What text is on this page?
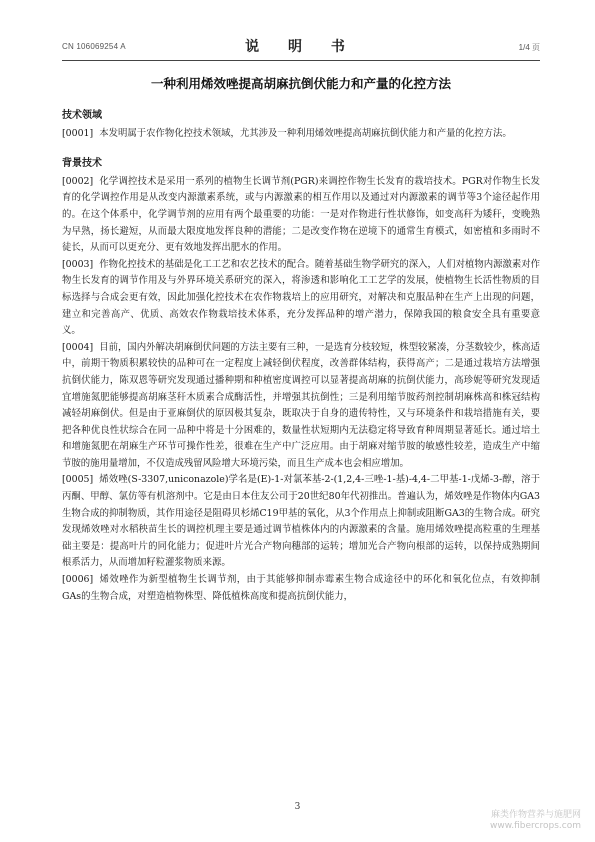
CN 106069254 A	说 明 书	1/4 页
一种利用烯效唑提高胡麻抗倒伏能力和产量的化控方法

技术领域

[0001] 本发明属于农作物化控技术领域，尤其涉及一种利用烯效唑提高胡麻抗倒伏能力和产量的化控方法。

背景技术

[0002] 化学调控技术是采用一系列的植物生长调节剂(PGR)来调控作物生长发育的栽培技术。PGR对作物生长发育的化学调控作用是从改变内源激素系统，或与内源激素的相互作用以及通过对内源激素的调节等3个途径起作用的。在这个体系中，化学调节剂的应用有两个最重要的功能：一是对作物进行性状修饰，如变高秆为矮秆，变晚熟为早熟，扬长避短，从而最大限度地发挥良种的潜能；二是改变作物在逆境下的通常生育模式，如密植和多雨时不徒长，从而可以更充分、更有效地发挥出肥水的作用。

[0003] 作物化控技术的基础是化工工艺和农艺技术的配合。随着基础生物学研究的深入，人们对植物内源激素对作物生长发育的调节作用及与外界环境关系研究的深入，将渗透和影响化工工艺学的发展，使植物生长活性物质的目标选择与合成会更有效，因此加强化控技术在农作物栽培上的应用研究，对解决和克服品种在生产上出现的问题，建立和完善高产、优质、高效农作物栽培技术体系，充分发挥品种的增产潜力，保障我国的粮食安全具有重要意义。

[0004] 目前，国内外解决胡麻倒伏问题的方法主要有三种，一是选育分枝较短，株型较紧凑，分茎数较少，株高适中，前期干物质积累较快的品种可在一定程度上减轻倒伏程度，改善群体结构，获得高产；二是通过栽培方法增强抗倒伏能力，陈双恩等研究发现通过播种期和种植密度调控可以显著提高胡麻的抗倒伏能力，高珍妮等研究发现适宜增施氮肥能够提高胡麻茎秆木质素合成酶活性，并增强其抗倒性；三是利用缩节胺药剂控制胡麻株高和株冠结构减轻胡麻倒伏。但是由于亚麻倒伏的原因极其复杂，既取决于自身的遗传特性，又与环境条件和栽培措施有关，要把各种优良性状综合在同一品种中将是十分困难的，数量性状短期内无法稳定将导致育种周期显著延长。通过培土和增施氮肥在胡麻生产环节可操作性差，很难在生产中广泛应用。由于胡麻对缩节胺的敏感性较差，造成生产中缩节胺的施用量增加，不仅造成残留风险增大环境污染，而且生产成本也会相应增加。

[0005] 烯效唑(S-3307,uniconazole)学名是(E)-1-对氯苯基-2-(1,2,4-三唑-1-基)-4,4-二甲基-1-戊烯-3-醇，溶于丙酮、甲醇、氯仿等有机溶剂中。它是由日本住友公司于20世纪80年代初推出。普遍认为，烯效唑是作物体内GA3生物合成的抑制物质，其作用途径是阻碍贝杉烯C19甲基的氧化，从3个作用点上抑制或阻断GA3的生物合成。研究发现烯效唑对水稻秧苗生长的调控机理主要是通过调节植株体内的内源激素的含量。施用烯效唑提高粒重的生理基础主要是：提高叶片的同化能力；促进叶片光合产物向穗部的运转；增加光合产物向根部的运转，以保持成熟期间根系活力，从而增加籽粒灌浆物质来源。

[0006] 烯效唑作为新型植物生长调节剂，由于其能够抑制赤霉素生物合成途径中的环化和氧化位点，有效抑制GAs的生物合成，对塑造植物株型、降低植株高度和提高抗倒伏能力，

3
麻类作物营养与施肥网
www.fibercrops.com
